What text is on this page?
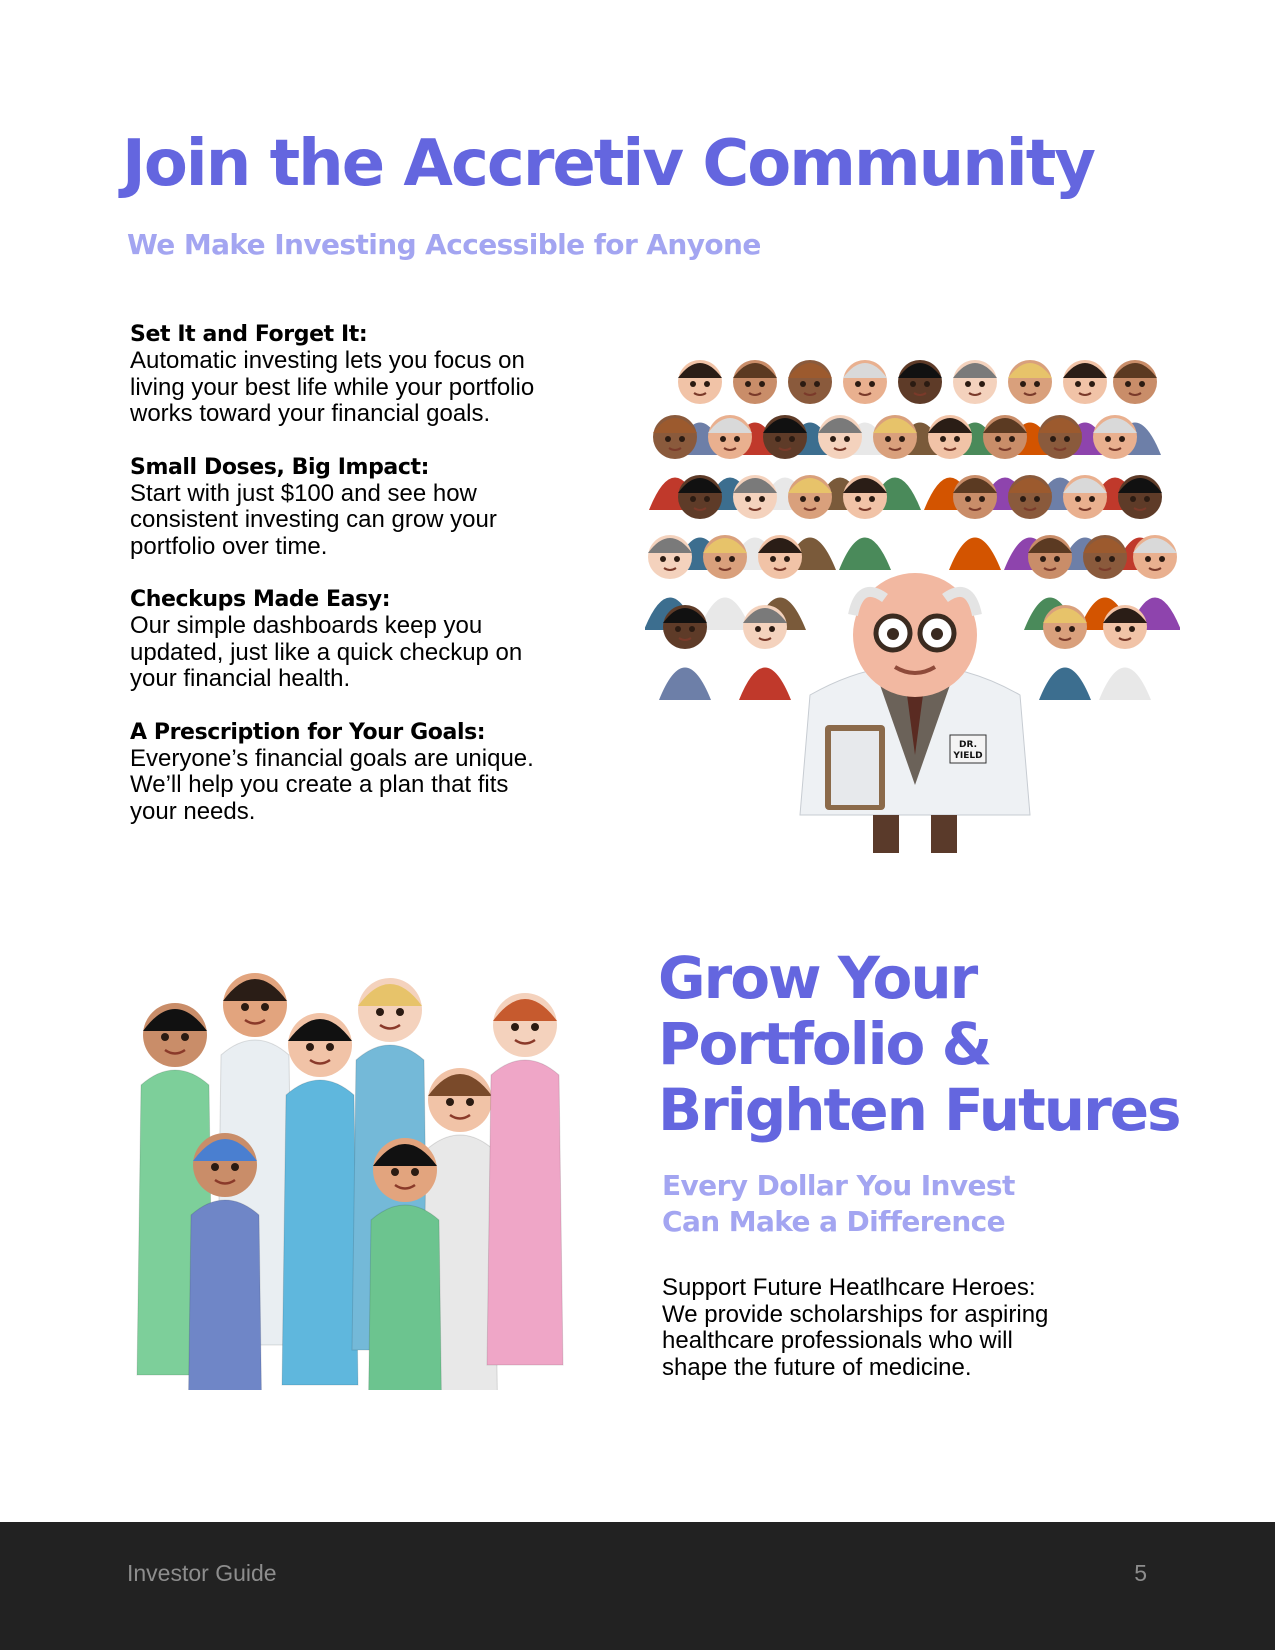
Join the Accretiv Community

We Make Investing Accessible for Anyone

Set It and Forget It:
Automatic investing lets you focus on
living your best life while your portfolio
works toward your financial goals.
Small Doses, Big Impact:
Start with just $100 and see how
consistent investing can grow your
portfolio over time.
Checkups Made Easy:
Our simple dashboards keep you
updated, just like a quick checkup on
your financial health.
A Prescription for Your Goals:
Everyone’s financial goals are unique.
We’ll help you create a plan that fits
your needs.
DR.
YIELD
Grow Your
Portfolio &
Brighten Futures

Every Dollar You Invest
Can Make a Difference

Support Future Heatlhcare Heroes:
We provide scholarships for aspiring
healthcare professionals who will
shape the future of medicine.
Investor Guide	5
